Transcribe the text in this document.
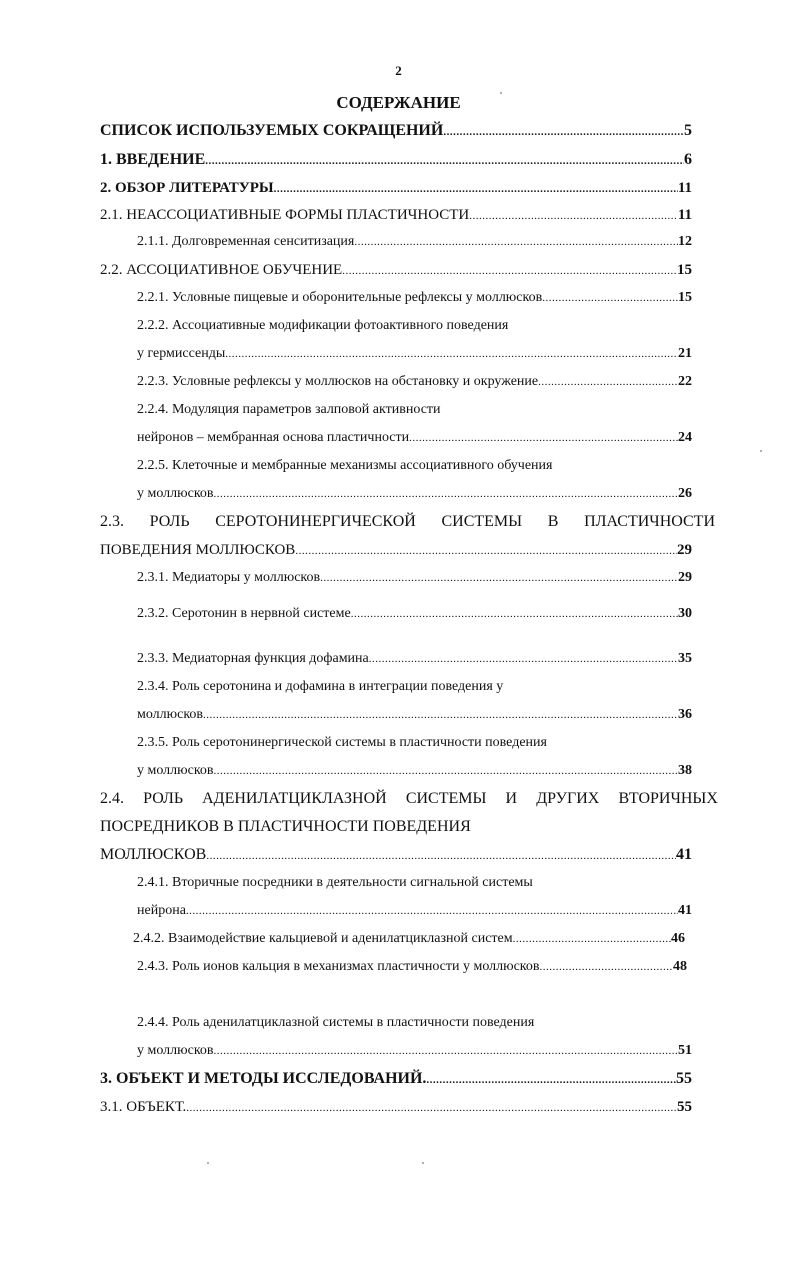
2
СОДЕРЖАНИЕ
СПИСОК ИСПОЛЬЗУЕМЫХ СОКРАЩЕНИЙ .....	5
1. ВВЕДЕНИЕ .....	6
2. ОБЗОР ЛИТЕРАТУРЫ .....	11
2.1. НЕАССОЦИАТИВНЫЕ ФОРМЫ ПЛАСТИЧНОСТИ .....	11
2.1.1. Долговременная сенситизация .....	12
2.2. АССОЦИАТИВНОЕ ОБУЧЕНИЕ .....	15
2.2.1. Условные пищевые и оборонительные рефлексы у моллюсков .....	15
2.2.2. Ассоциативные модификации фотоактивного поведения
у гермиссенды .....	21
2.2.3. Условные рефлексы у моллюсков на обстановку и окружение .....	22
2.2.4. Модуляция параметров залповой активности
нейронов – мембранная основа пластичности .....	24
2.2.5. Клеточные и мембранные механизмы ассоциативного обучения
у моллюсков .....	26
2.3. РОЛЬ СЕРОТОНИНЕРГИЧЕСКОЙ СИСТЕМЫ В ПЛАСТИЧНОСТИ
ПОВЕДЕНИЯ МОЛЛЮСКОВ .....	29
2.3.1. Медиаторы у моллюсков .....	29
2.3.2. Серотонин в нервной системе .....	30
2.3.3. Медиаторная функция дофамина .....	35
2.3.4. Роль серотонина и дофамина в интеграции поведения у
моллюсков .....	36
2.3.5. Роль серотонинергической системы в пластичности поведения
у моллюсков .....	38
2.4. РОЛЬ АДЕНИЛАТЦИКЛАЗНОЙ СИСТЕМЫ И ДРУГИХ ВТОРИЧНЫХ
ПОСРЕДНИКОВ В ПЛАСТИЧНОСТИ ПОВЕДЕНИЯ
МОЛЛЮСКОВ .....	41
2.4.1. Вторичные посредники в деятельности сигнальной системы
нейрона .....	41
2.4.2. Взаимодействие кальциевой и аденилатциклазной систем .....	46
2.4.3. Роль ионов кальция в механизмах пластичности у моллюсков .....	48
2.4.4. Роль аденилатциклазной системы в пластичности поведения
у моллюсков .....	51
3. ОБЪЕКТ И МЕТОДЫ ИССЛЕДОВАНИЙ. .....	55
3.1. ОБЪЕКТ. .....	55
